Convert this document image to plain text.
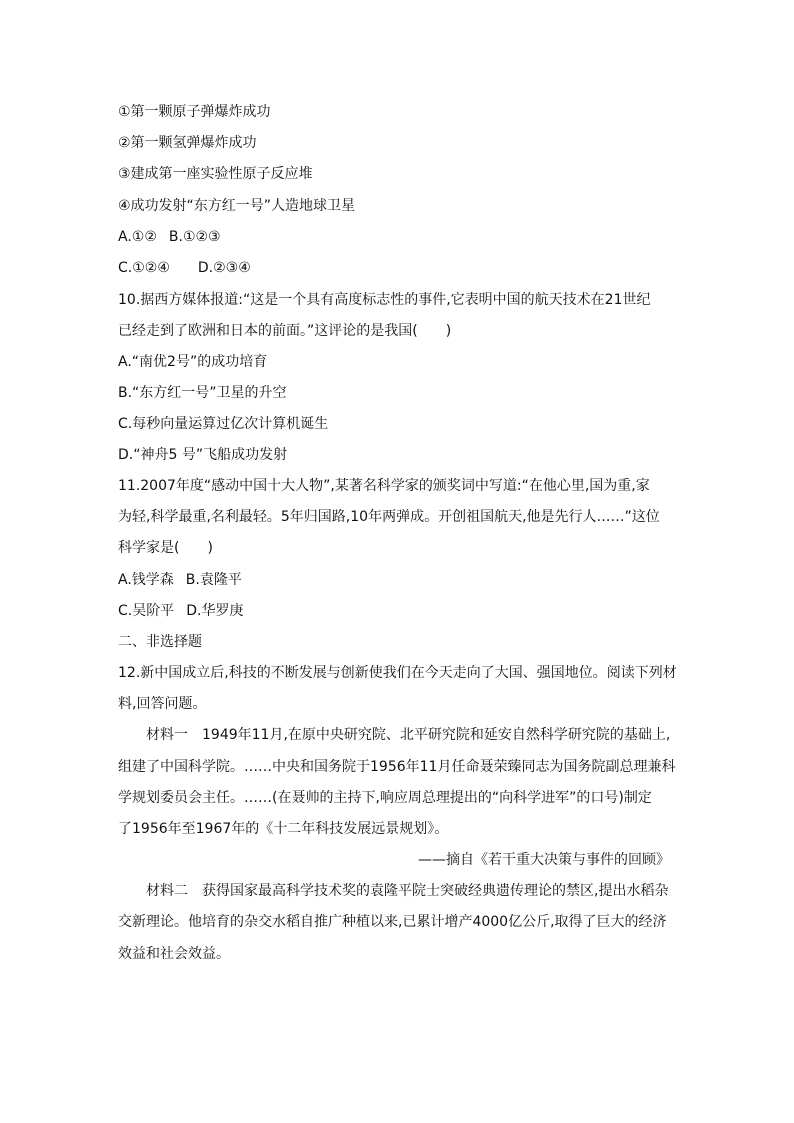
①第一颗原子弹爆炸成功
②第一颗氢弹爆炸成功
③建成第一座实验性原子反应堆
④成功发射“东方红一号”人造地球卫星
A.①② B.①②③
C.①②④ D.②③④
10.据西方媒体报道:“这是一个具有高度标志性的事件,它表明中国的航天技术在21世纪
已经走到了欧洲和日本的前面。”这评论的是我国(　　)
A.“南优2号”的成功培育
B.“东方红一号”卫星的升空
C.每秒向量运算过亿次计算机诞生
D.“神舟5 号”飞船成功发射
11.2007年度“感动中国十大人物”,某著名科学家的颁奖词中写道:“在他心里,国为重,家
为轻,科学最重,名利最轻。5年归国路,10年两弹成。开创祖国航天,他是先行人……”这位
科学家是(　　)
A.钱学森 B.袁隆平
C.吴阶平 D.华罗庚
二、非选择题
12.新中国成立后,科技的不断发展与创新使我们在今天走向了大国、强国地位。阅读下列材
料,回答问题。
材料一　1949年11月,在原中央研究院、北平研究院和延安自然科学研究院的基础上,
组建了中国科学院。……中央和国务院于1956年11月任命聂荣臻同志为国务院副总理兼科
学规划委员会主任。……(在聂帅的主持下,响应周总理提出的“向科学进军”的口号)制定
了1956年至1967年的《十二年科技发展远景规划》。
——摘自《若干重大决策与事件的回顾》
材料二　获得国家最高科学技术奖的袁隆平院士突破经典遗传理论的禁区,提出水稻杂
交新理论。他培育的杂交水稻自推广种植以来,已累计增产4000亿公斤,取得了巨大的经济
效益和社会效益。
